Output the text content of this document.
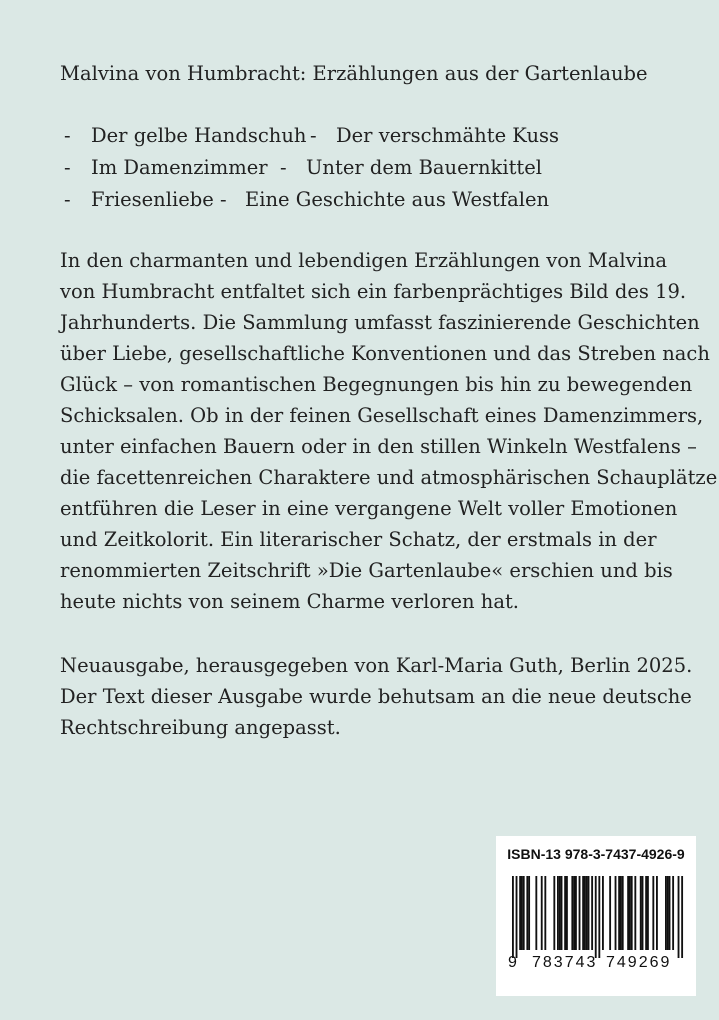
Malvina von Humbracht: Erzählungen aus der Gartenlaube
- Der gelbe Handschuh - Der verschmähte Kuss
- Im Damenzimmer - Unter dem Bauernkittel
- Friesenliebe - Eine Geschichte aus Westfalen
In den charmanten und lebendigen Erzählungen von Malvina
von Humbracht entfaltet sich ein farbenprächtiges Bild des 19.
Jahrhunderts. Die Sammlung umfasst faszinierende Geschichten
über Liebe, gesellschaftliche Konventionen und das Streben nach
Glück – von romantischen Begegnungen bis hin zu bewegenden
Schicksalen. Ob in der feinen Gesellschaft eines Damenzimmers,
unter einfachen Bauern oder in den stillen Winkeln Westfalens –
die facettenreichen Charaktere und atmosphärischen Schauplätze
entführen die Leser in eine vergangene Welt voller Emotionen
und Zeitkolorit. Ein literarischer Schatz, der erstmals in der
renommierten Zeitschrift »Die Gartenlaube« erschien und bis
heute nichts von seinem Charme verloren hat.
Neuausgabe, herausgegeben von Karl-Maria Guth, Berlin 2025.
Der Text dieser Ausgabe wurde behutsam an die neue deutsche
Rechtschreibung angepasst.
ISBN-13 978-3-7437-4926-9
9 783743 749269
